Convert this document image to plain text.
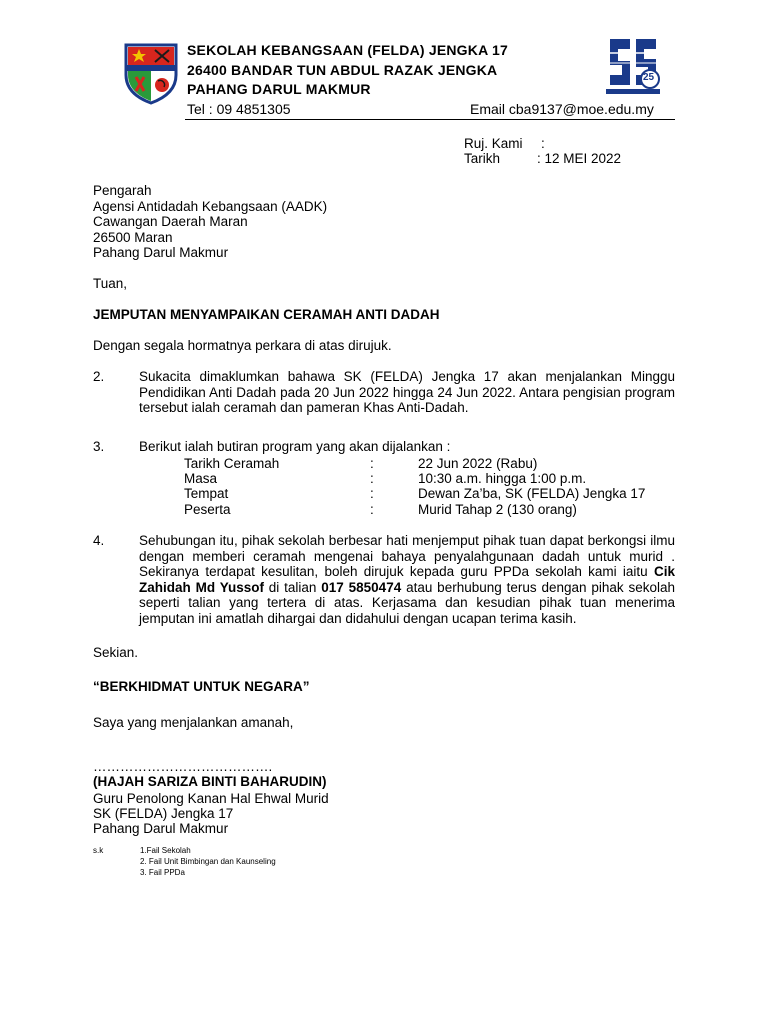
SEKOLAH KEBANGSAAN (FELDA) JENGKA 17
26400 BANDAR TUN ABDUL RAZAK JENGKA
PAHANG DARUL MAKMUR
Tel : 09 4851305	Email cba9137@moe.edu.my
25
Ruj. Kami :
Tarikh	: 12 MEI 2022
Pengarah
Agensi Antidadah Kebangsaan (AADK)
Cawangan Daerah Maran
26500 Maran
Pahang Darul Makmur
Tuan,
JEMPUTAN MENYAMPAIKAN CERAMAH ANTI DADAH
Dengan segala hormatnya perkara di atas dirujuk.
2.	Sukacita dimaklumkan bahawa SK (FELDA) Jengka 17 akan menjalankan Minggu Pendidikan Anti Dadah pada 20 Jun 2022 hingga 24 Jun 2022. Antara pengisian program tersebut ialah ceramah dan pameran Khas Anti-Dadah.
3.	Berikut ialah butiran program yang akan dijalankan :
Tarikh Ceramah	:	22 Jun 2022 (Rabu)
Masa	:	10:30 a.m. hingga 1:00 p.m.
Tempat	:	Dewan Za’ba, SK (FELDA) Jengka 17
Peserta	:	Murid Tahap 2 (130 orang)
4.	Sehubungan itu, pihak sekolah berbesar hati menjemput pihak tuan dapat berkongsi ilmu dengan memberi ceramah mengenai bahaya penyalahgunaan dadah untuk murid . Sekiranya terdapat kesulitan, boleh dirujuk kepada guru PPDa sekolah kami iaitu Cik Zahidah Md Yussof di talian 017 5850474 atau berhubung terus dengan pihak sekolah seperti talian yang tertera di atas. Kerjasama dan kesudian pihak tuan menerima jemputan ini amatlah dihargai dan didahului dengan ucapan terima kasih.
Sekian.
“BERKHIDMAT UNTUK NEGARA”
Saya yang menjalankan amanah,
………………………………….
(HAJAH SARIZA BINTI BAHARUDIN)
Guru Penolong Kanan Hal Ehwal Murid
SK (FELDA) Jengka 17
Pahang Darul Makmur
s.k	1.Fail Sekolah
2. Fail Unit Bimbingan dan Kaunseling
3. Fail PPDa
